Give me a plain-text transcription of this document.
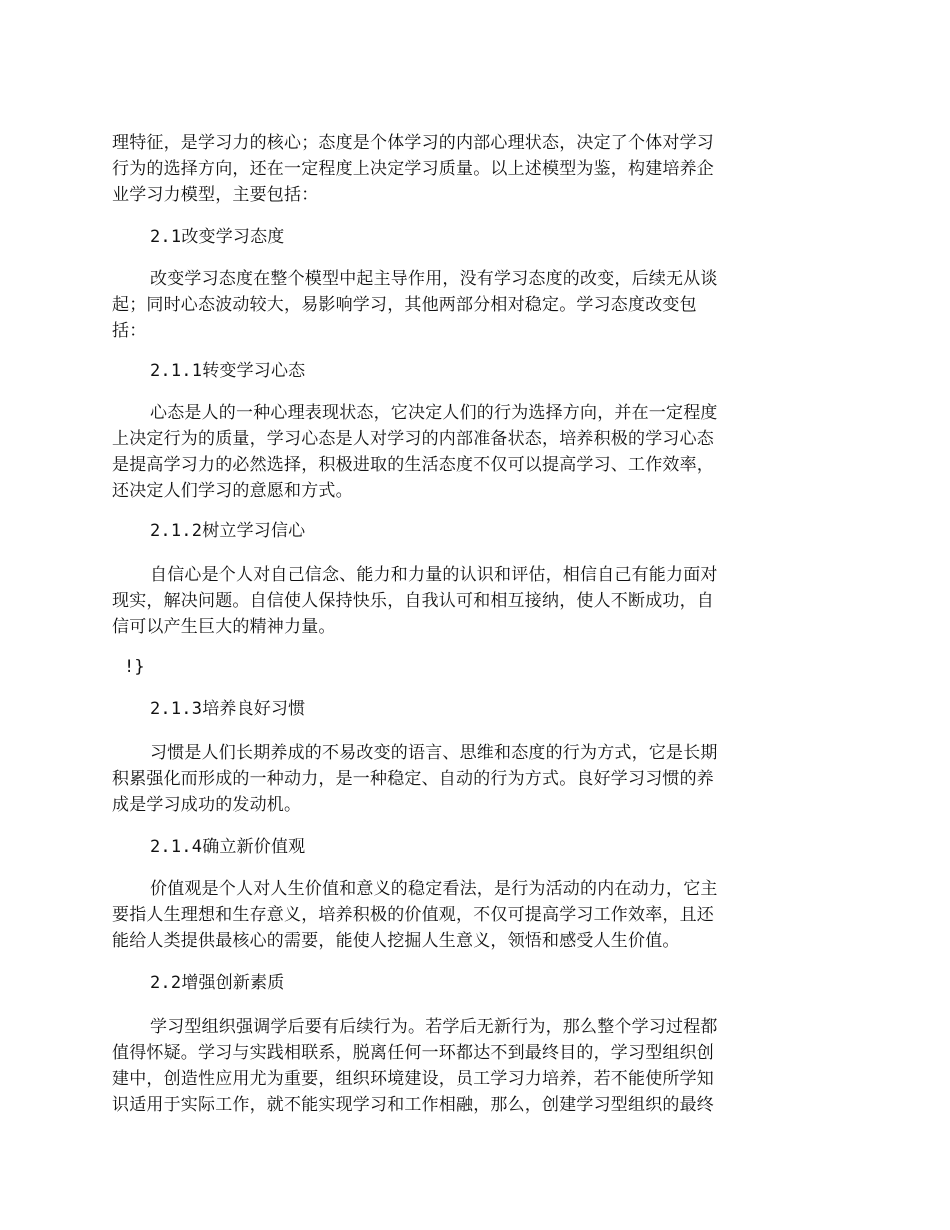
理特征，是学习力的核心；态度是个体学习的内部心理状态，决定了个体对学习
行为的选择方向，还在一定程度上决定学习质量。以上述模型为鉴，构建培养企
业学习力模型，主要包括：
2.1改变学习态度
改变学习态度在整个模型中起主导作用，没有学习态度的改变，后续无从谈
起；同时心态波动较大，易影响学习，其他两部分相对稳定。学习态度改变包
括：
2.1.1转变学习心态
心态是人的一种心理表现状态，它决定人们的行为选择方向，并在一定程度
上决定行为的质量，学习心态是人对学习的内部准备状态，培养积极的学习心态
是提高学习力的必然选择，积极进取的生活态度不仅可以提高学习、工作效率，
还决定人们学习的意愿和方式。
2.1.2树立学习信心
自信心是个人对自己信念、能力和力量的认识和评估，相信自己有能力面对
现实，解决问题。自信使人保持快乐，自我认可和相互接纳，使人不断成功，自
信可以产生巨大的精神力量。
!}
2.1.3培养良好习惯
习惯是人们长期养成的不易改变的语言、思维和态度的行为方式，它是长期
积累强化而形成的一种动力，是一种稳定、自动的行为方式。良好学习习惯的养
成是学习成功的发动机。
2.1.4确立新价值观
价值观是个人对人生价值和意义的稳定看法，是行为活动的内在动力，它主
要指人生理想和生存意义，培养积极的价值观，不仅可提高学习工作效率，且还
能给人类提供最核心的需要，能使人挖掘人生意义，领悟和感受人生价值。
2.2增强创新素质
学习型组织强调学后要有后续行为。若学后无新行为，那么整个学习过程都
值得怀疑。学习与实践相联系，脱离任何一环都达不到最终目的，学习型组织创
建中，创造性应用尤为重要，组织环境建设，员工学习力培养，若不能使所学知
识适用于实际工作，就不能实现学习和工作相融，那么，创建学习型组织的最终
